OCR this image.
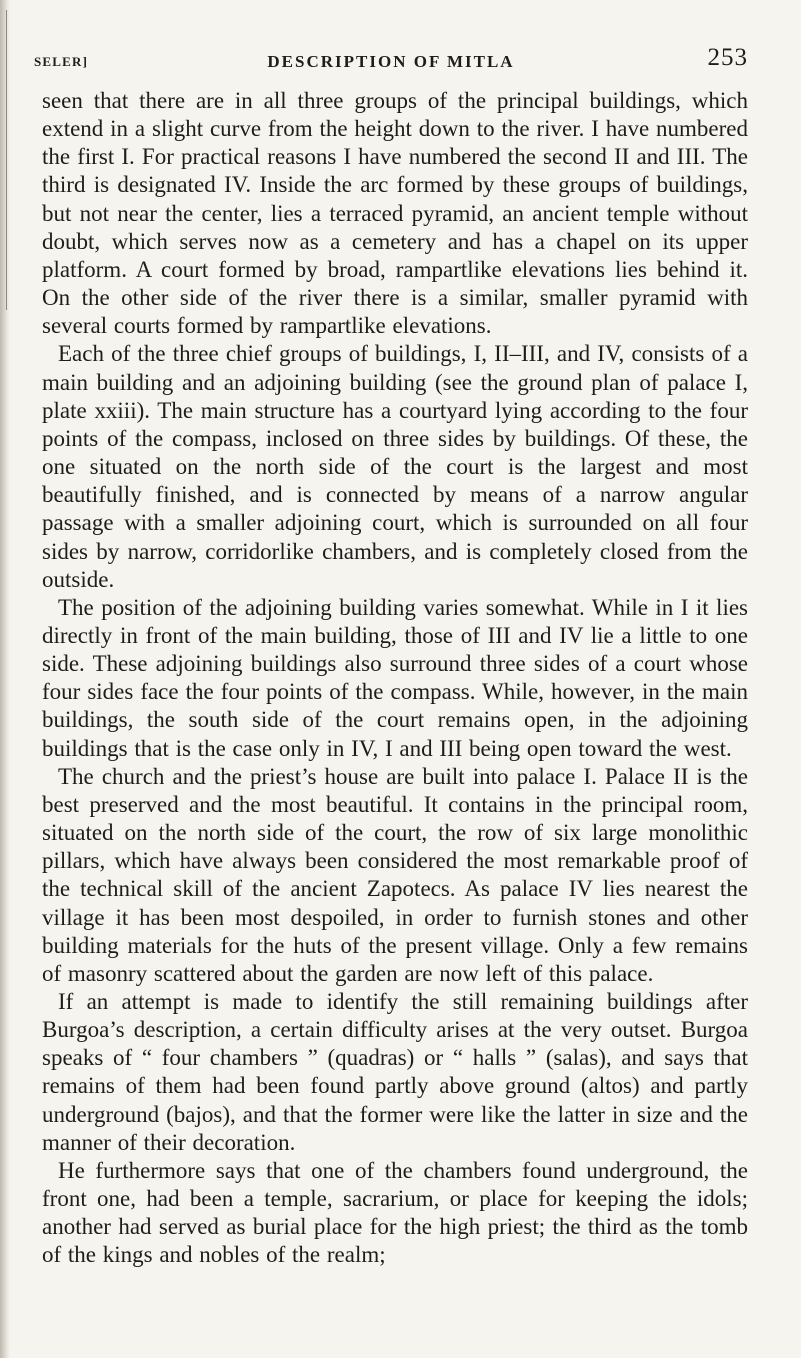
SELER]	DESCRIPTION OF MITLA	253

seen that there are in all three groups of the principal buildings, which extend in a slight curve from the height down to the river. I have numbered the first I. For practical reasons I have numbered the second II and III. The third is designated IV. Inside the arc formed by these groups of buildings, but not near the center, lies a terraced pyramid, an ancient temple without doubt, which serves now as a cemetery and has a chapel on its upper platform. A court formed by broad, rampartlike elevations lies behind it. On the other side of the river there is a similar, smaller pyramid with several courts formed by rampartlike elevations.

Each of the three chief groups of buildings, I, II–III, and IV, consists of a main building and an adjoining building (see the ground plan of palace I, plate xxiii). The main structure has a courtyard lying according to the four points of the compass, inclosed on three sides by buildings. Of these, the one situated on the north side of the court is the largest and most beautifully finished, and is connected by means of a narrow angular passage with a smaller adjoining court, which is surrounded on all four sides by narrow, corridorlike chambers, and is completely closed from the outside.

The position of the adjoining building varies somewhat. While in I it lies directly in front of the main building, those of III and IV lie a little to one side. These adjoining buildings also surround three sides of a court whose four sides face the four points of the compass. While, however, in the main buildings, the south side of the court remains open, in the adjoining buildings that is the case only in IV, I and III being open toward the west.

The church and the priest’s house are built into palace I. Palace II is the best preserved and the most beautiful. It contains in the principal room, situated on the north side of the court, the row of six large monolithic pillars, which have always been considered the most remarkable proof of the technical skill of the ancient Zapotecs. As palace IV lies nearest the village it has been most despoiled, in order to furnish stones and other building materials for the huts of the present village. Only a few remains of masonry scattered about the garden are now left of this palace.

If an attempt is made to identify the still remaining buildings after Burgoa’s description, a certain difficulty arises at the very outset. Burgoa speaks of “ four chambers ” (quadras) or “ halls ” (salas), and says that remains of them had been found partly above ground (altos) and partly underground (bajos), and that the former were like the latter in size and the manner of their decoration.

He furthermore says that one of the chambers found underground, the front one, had been a temple, sacrarium, or place for keeping the idols; another had served as burial place for the high priest; the third as the tomb of the kings and nobles of the realm;
